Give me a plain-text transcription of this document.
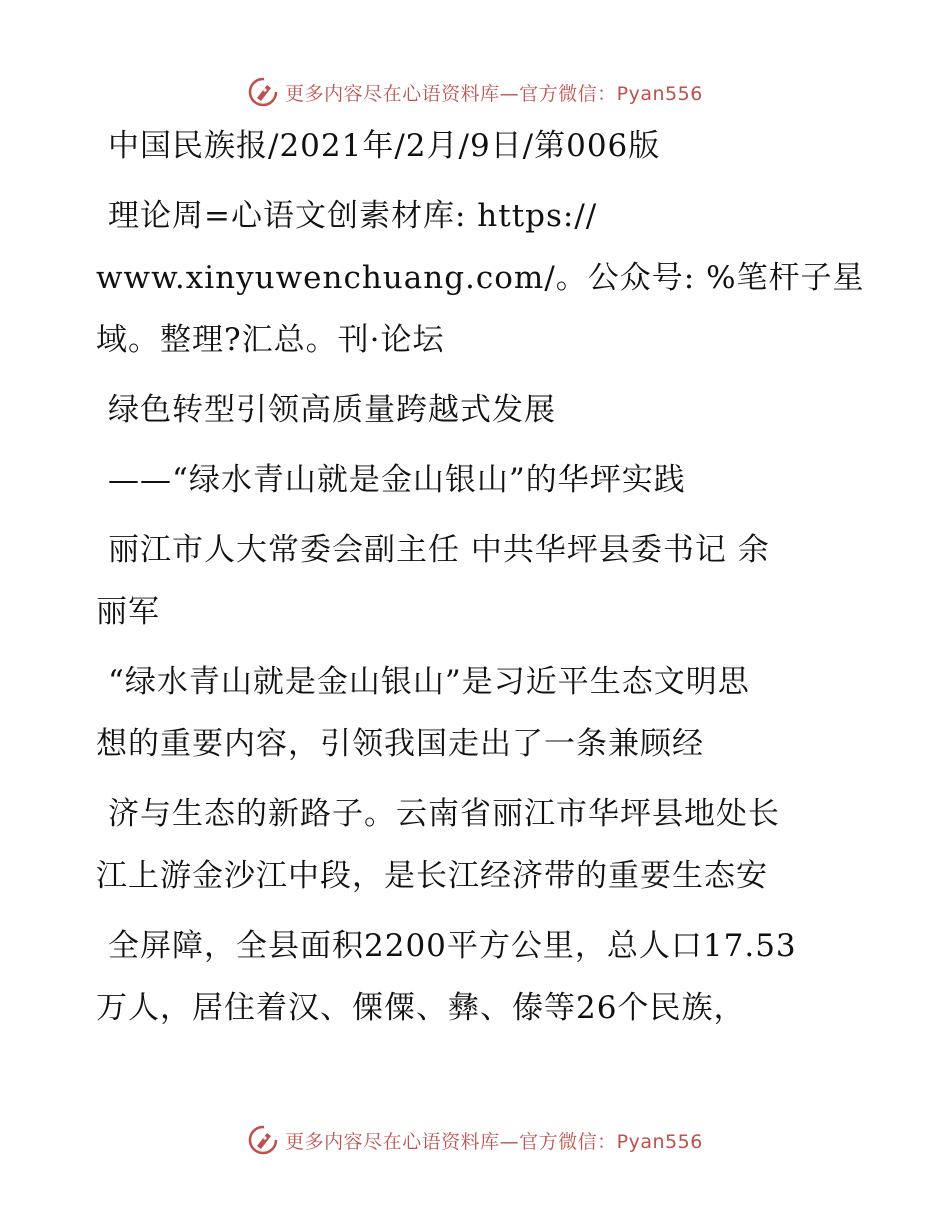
更多内容尽在心语资料库—官方微信：Pyan556
中国民族报/2021年/2月/9日/第006版
理论周=心语文创素材库: https://
www.xinyuwenchuang.com/。公众号: %笔杆子星
域。整理?汇总。刊·论坛
绿色转型引领高质量跨越式发展
——“绿水青山就是金山银山”的华坪实践
丽江市人大常委会副主任 中共华坪县委书记 余
丽军
“绿水青山就是金山银山”是习近平生态文明思
想的重要内容，引领我国走出了一条兼顾经
济与生态的新路子。云南省丽江市华坪县地处长
江上游金沙江中段，是长江经济带的重要生态安
全屏障，全县面积2200平方公里，总人口17.53
万人，居住着汉、傈僳、彝、傣等26个民族，
更多内容尽在心语资料库—官方微信：Pyan556
